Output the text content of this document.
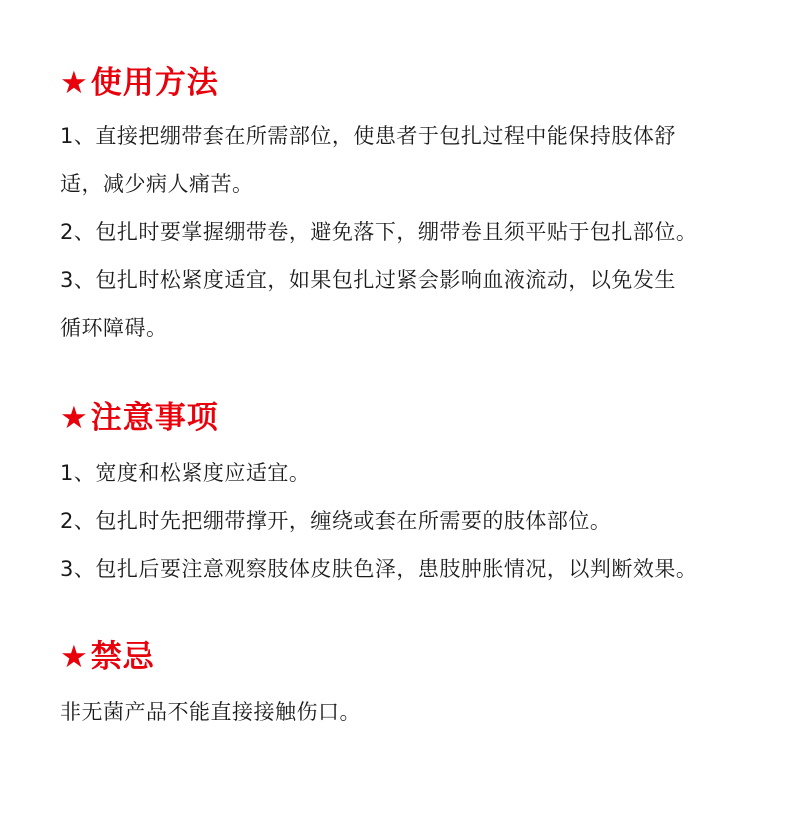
★使用方法
1、直接把绷带套在所需部位，使患者于包扎过程中能保持肢体舒
适，减少病人痛苦。
2、包扎时要掌握绷带卷，避免落下，绷带卷且须平贴于包扎部位。
3、包扎时松紧度适宜，如果包扎过紧会影响血液流动，以免发生
循环障碍。
★注意事项
1、宽度和松紧度应适宜。
2、包扎时先把绷带撑开，缠绕或套在所需要的肢体部位。
3、包扎后要注意观察肢体皮肤色泽，患肢肿胀情况，以判断效果。
★禁忌
非无菌产品不能直接接触伤口。
